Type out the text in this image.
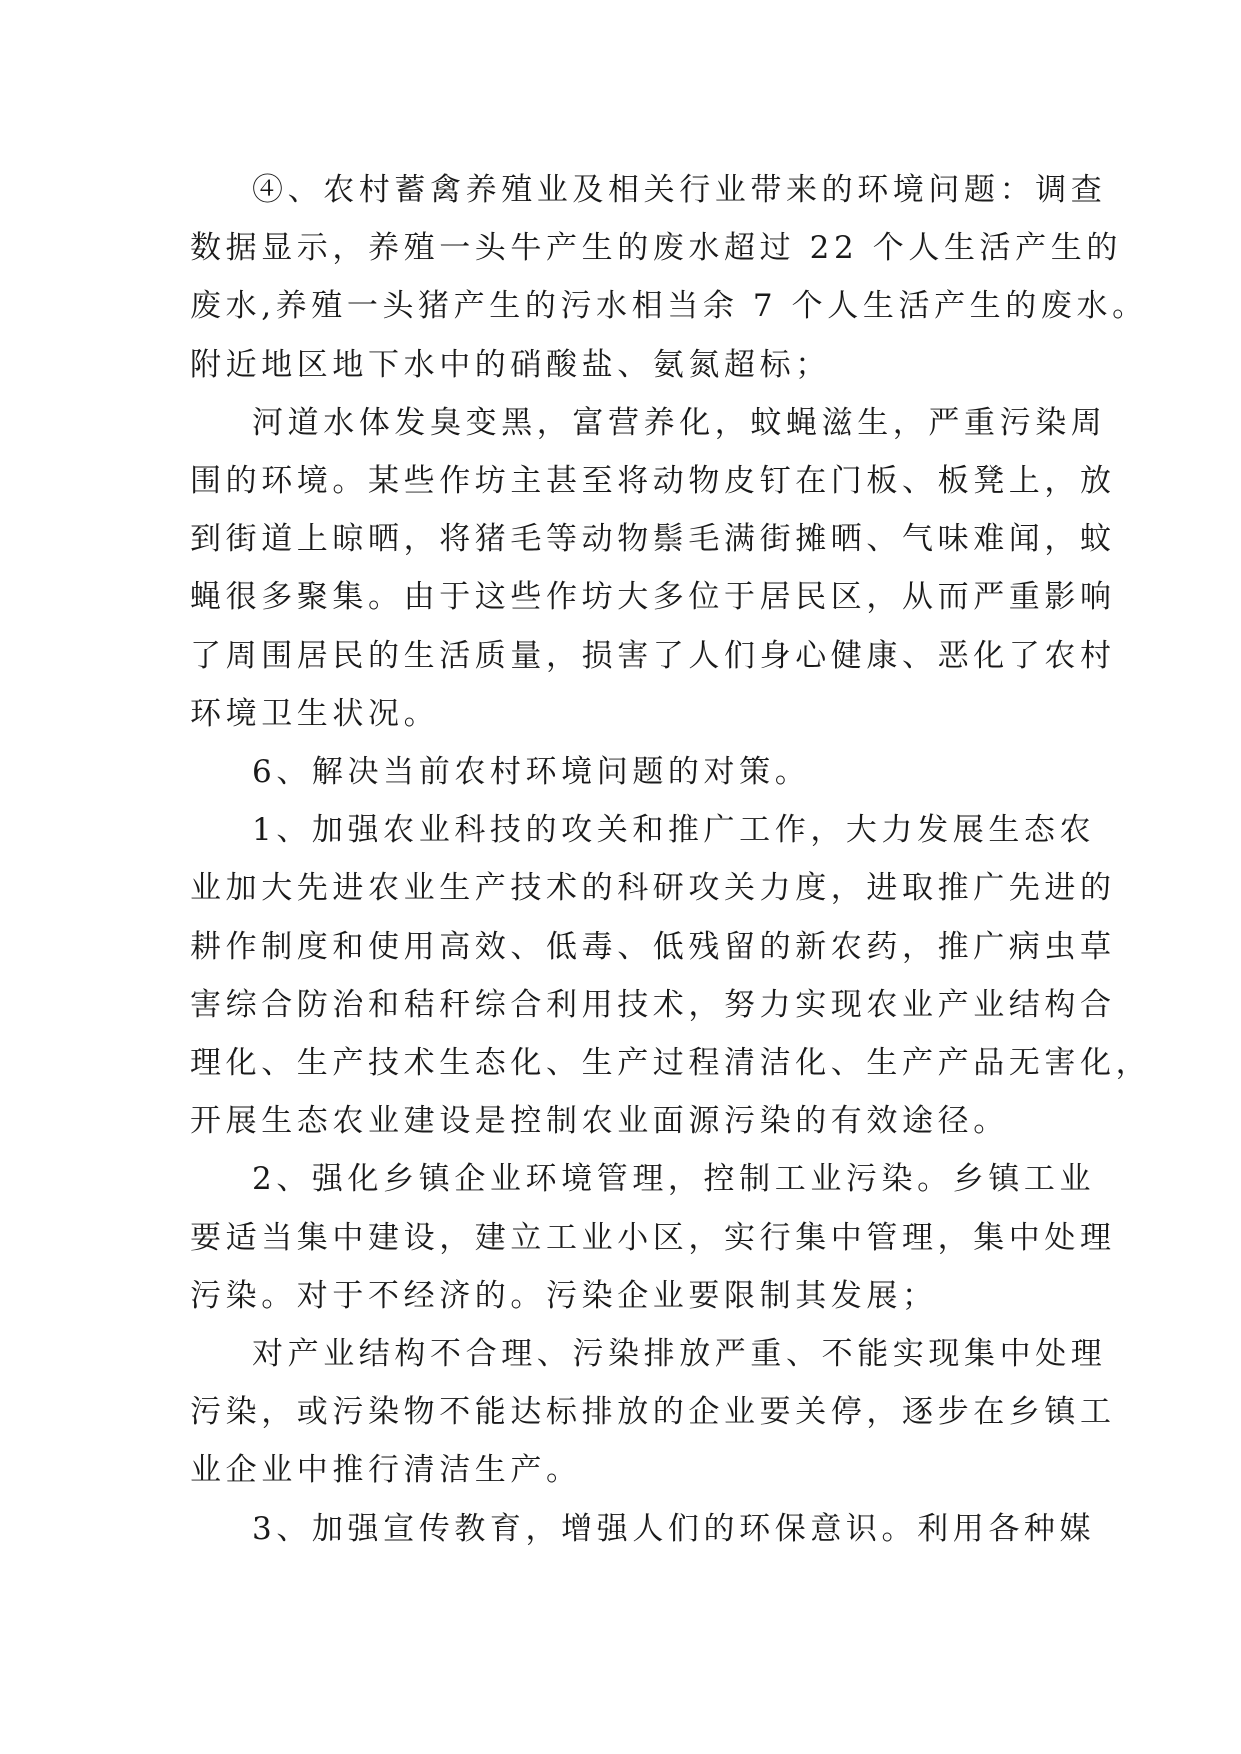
④、农村蓄禽养殖业及相关行业带来的环境问题：调查
数据显示，养殖一头牛产生的废水超过 22 个人生活产生的
废水,养殖一头猪产生的污水相当余 7 个人生活产生的废水。
附近地区地下水中的硝酸盐、氨氮超标；

河道水体发臭变黑，富营养化，蚊蝇滋生，严重污染周
围的环境。某些作坊主甚至将动物皮钉在门板、板凳上，放
到街道上晾晒，将猪毛等动物鬃毛满街摊晒、气味难闻，蚊
蝇很多聚集。由于这些作坊大多位于居民区，从而严重影响
了周围居民的生活质量，损害了人们身心健康、恶化了农村
环境卫生状况。

6、解决当前农村环境问题的对策。

1、加强农业科技的攻关和推广工作，大力发展生态农
业加大先进农业生产技术的科研攻关力度，进取推广先进的
耕作制度和使用高效、低毒、低残留的新农药，推广病虫草
害综合防治和秸秆综合利用技术，努力实现农业产业结构合
理化、生产技术生态化、生产过程清洁化、生产产品无害化，
开展生态农业建设是控制农业面源污染的有效途径。

2、强化乡镇企业环境管理，控制工业污染。乡镇工业
要适当集中建设，建立工业小区，实行集中管理，集中处理
污染。对于不经济的。污染企业要限制其发展；

对产业结构不合理、污染排放严重、不能实现集中处理
污染，或污染物不能达标排放的企业要关停，逐步在乡镇工
业企业中推行清洁生产。

3、加强宣传教育，增强人们的环保意识。利用各种媒
